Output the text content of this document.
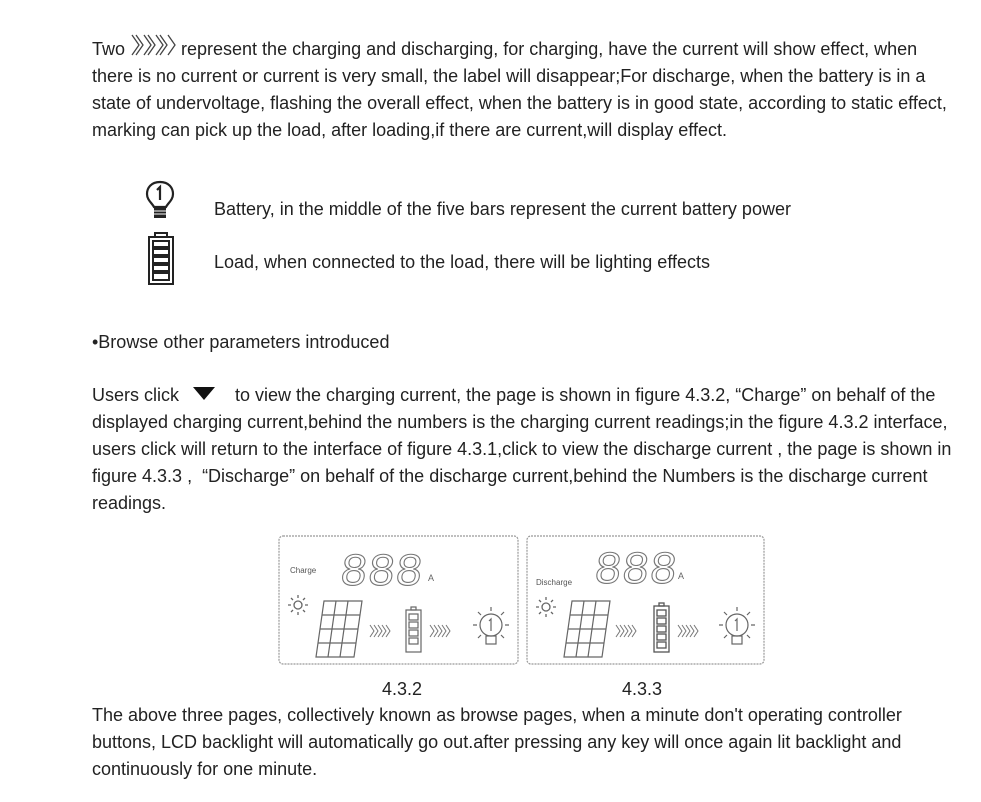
Two	represent the charging and discharging, for charging, have the current will show effect, when there is no current or current is very small, the label will disappear;For discharge, when the battery is in a state of undervoltage, flashing the overall effect, when the battery is in good state, according to static effect, marking can pick up the load, after loading,if there are current,will display effect.

Battery, in the middle of the five bars represent the current battery power
Load, when connected to the load, there will be lighting effects
•Browse other parameters introduced

Users click	to view the charging current, the page is shown in figure 4.3.2, “Charge” on behalf of the displayed charging current,behind the numbers is the charging current readings;in the figure 4.3.2 interface, users click will return to the interface of figure 4.3.1,click to view the discharge current , the page is shown in figure 4.3.3 ,  “Discharge” on behalf of the discharge current,behind the Numbers is the discharge current readings.

Charge 888 A
4.3.2
Discharge 888
A
4.3.3

The above three pages, collectively known as browse pages, when a minute don't operating controller buttons, LCD backlight will automatically go out.after pressing any key will once again lit backlight and continuously for one minute.
